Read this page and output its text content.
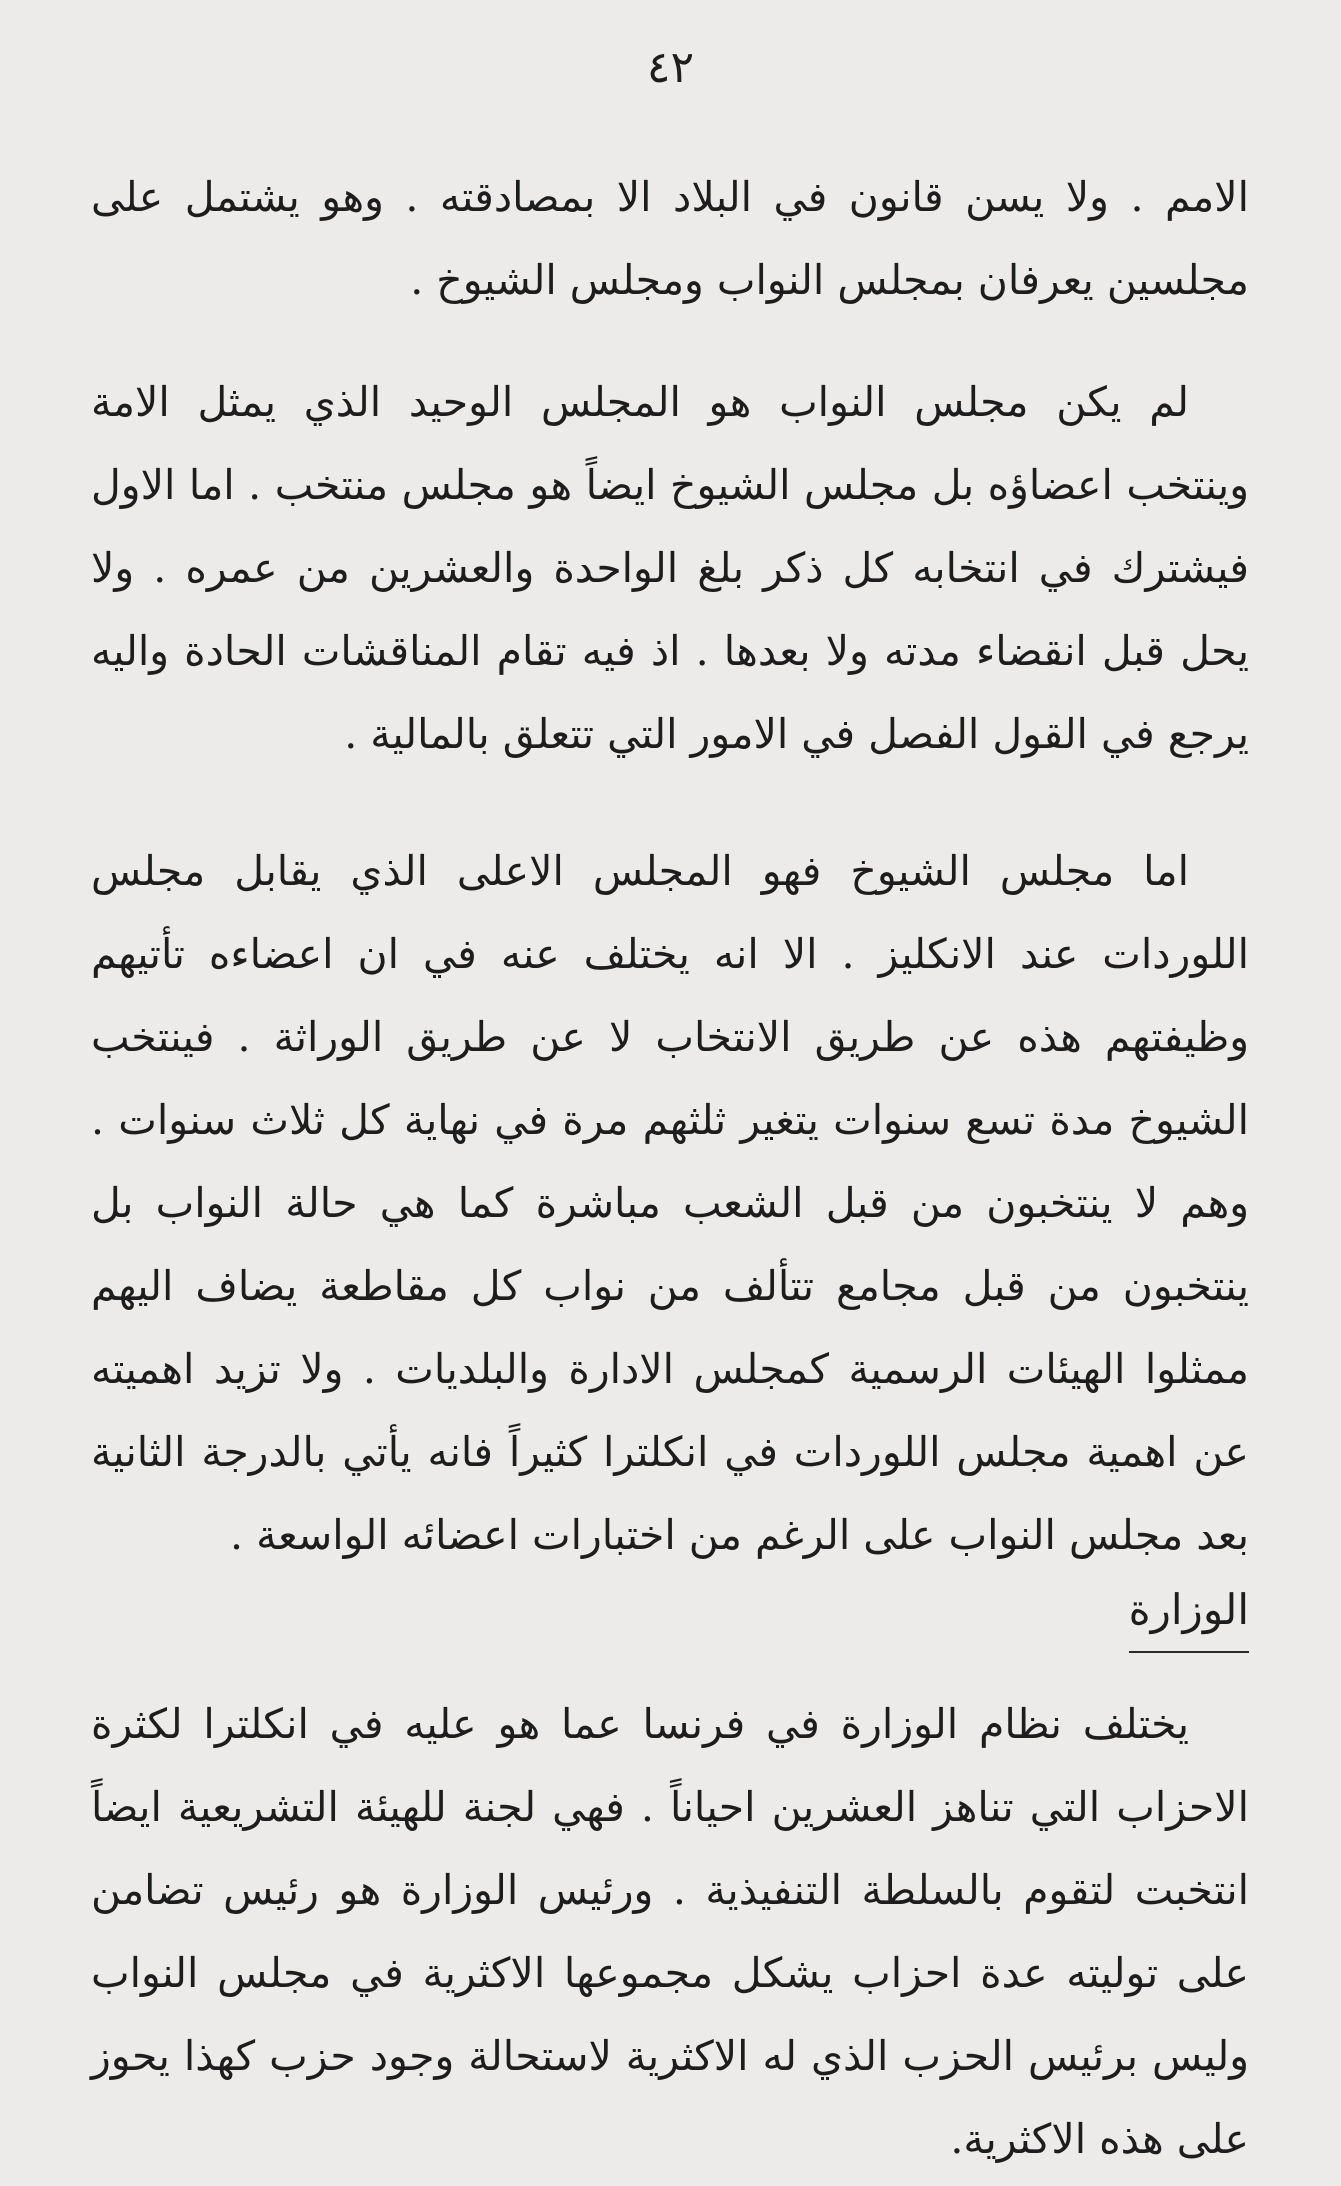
٤٢

الامم . ولا يسن قانون في البلاد الا بمصادقته . وهو يشتمل على مجلسين يعرفان بمجلس النواب ومجلس الشيوخ .

لم يكن مجلس النواب هو المجلس الوحيد الذي يمثل الامة وينتخب اعضاؤه بل مجلس الشيوخ ايضاً هو مجلس منتخب . اما الاول فيشترك في انتخابه كل ذكر بلغ الواحدة والعشرين من عمره . ولا يحل قبل انقضاء مدته ولا بعدها . اذ فيه تقام المناقشات الحادة واليه يرجع في القول الفصل في الامور التي تتعلق بالمالية .

اما مجلس الشيوخ فهو المجلس الاعلى الذي يقابل مجلس اللوردات عند الانكليز . الا انه يختلف عنه في ان اعضاءه تأتيهم وظيفتهم هذه عن طريق الانتخاب لا عن طريق الوراثة . فينتخب الشيوخ مدة تسع سنوات يتغير ثلثهم مرة في نهاية كل ثلاث سنوات . وهم لا ينتخبون من قبل الشعب مباشرة كما هي حالة النواب بل ينتخبون من قبل مجامع تتألف من نواب كل مقاطعة يضاف اليهم ممثلوا الهيئات الرسمية كمجلس الادارة والبلديات . ولا تزيد اهميته عن اهمية مجلس اللوردات في انكلترا كثيراً فانه يأتي بالدرجة الثانية بعد مجلس النواب على الرغم من اختبارات اعضائه الواسعة .

الوزارة

يختلف نظام الوزارة في فرنسا عما هو عليه في انكلترا لكثرة الاحزاب التي تناهز العشرين احياناً . فهي لجنة للهيئة التشريعية ايضاً انتخبت لتقوم بالسلطة التنفيذية . ورئيس الوزارة هو رئيس تضامن على توليته عدة احزاب يشكل مجموعها الاكثرية في مجلس النواب وليس برئيس الحزب الذي له الاكثرية لاستحالة وجود حزب كهذا يحوز على هذه الاكثرية.
